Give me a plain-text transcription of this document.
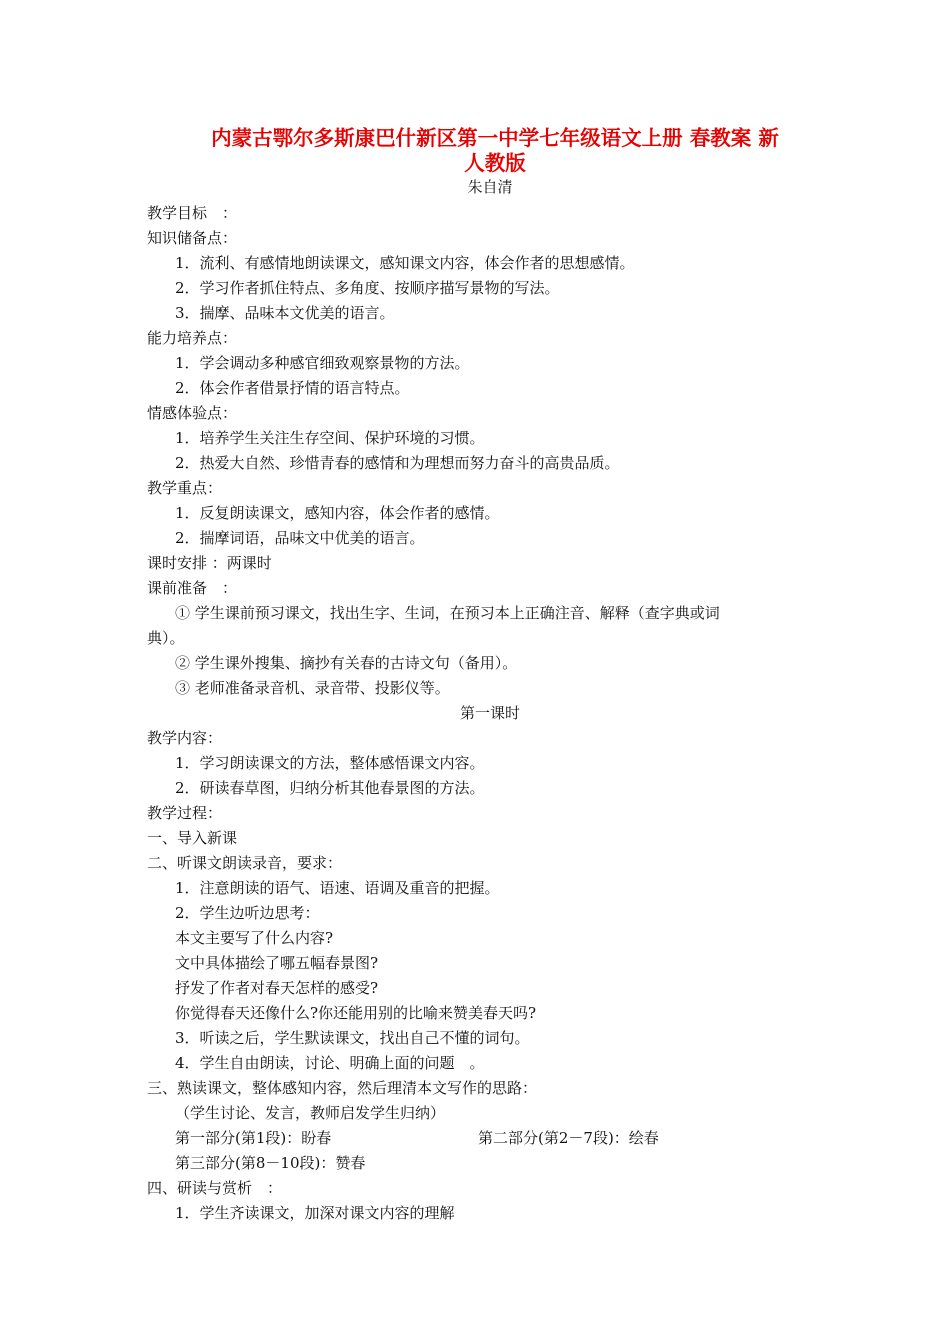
内蒙古鄂尔多斯康巴什新区第一中学七年级语文上册 春教案 新
人教版
朱自清
教学目标　：
知识储备点：
1．流利、有感情地朗读课文，感知课文内容，体会作者的思想感情。
2．学习作者抓住特点、多角度、按顺序描写景物的写法。
3．揣摩、品味本文优美的语言。
能力培养点：
1．学会调动多种感官细致观察景物的方法。
2．体会作者借景抒情的语言特点。
情感体验点：
1．培养学生关注生存空间、保护环境的习惯。
2．热爱大自然、珍惜青春的感情和为理想而努力奋斗的高贵品质。
教学重点：
1．反复朗读课文，感知内容，体会作者的感情。
2．揣摩词语，品味文中优美的语言。
课时安排 ：两课时
课前准备　：
① 学生课前预习课文，找出生字、生词，在预习本上正确注音、解释（查字典或词
典）。
② 学生课外搜集、摘抄有关春的古诗文句（备用）。
③ 老师准备录音机、录音带、投影仪等。
第一课时
教学内容：
1．学习朗读课文的方法，整体感悟课文内容。
2．研读春草图，归纳分析其他春景图的方法。
教学过程：
一、导入新课
二、听课文朗读录音，要求：
1．注意朗读的语气、语速、语调及重音的把握。
2．学生边听边思考：
本文主要写了什么内容?
文中具体描绘了哪五幅春景图?
抒发了作者对春天怎样的感受?
你觉得春天还像什么?你还能用别的比喻来赞美春天吗?
3．听读之后，学生默读课文，找出自己不懂的词句。
4．学生自由朗读，讨论、明确上面的问题　。
三、熟读课文，整体感知内容，然后理清本文写作的思路：
（学生讨论、发言，教师启发学生归纳）
第一部分(第1段)：盼春	第二部分(第2－7段)：绘春
第三部分(第8－10段)：赞春
四、研读与赏析　：
1．学生齐读课文，加深对课文内容的理解
